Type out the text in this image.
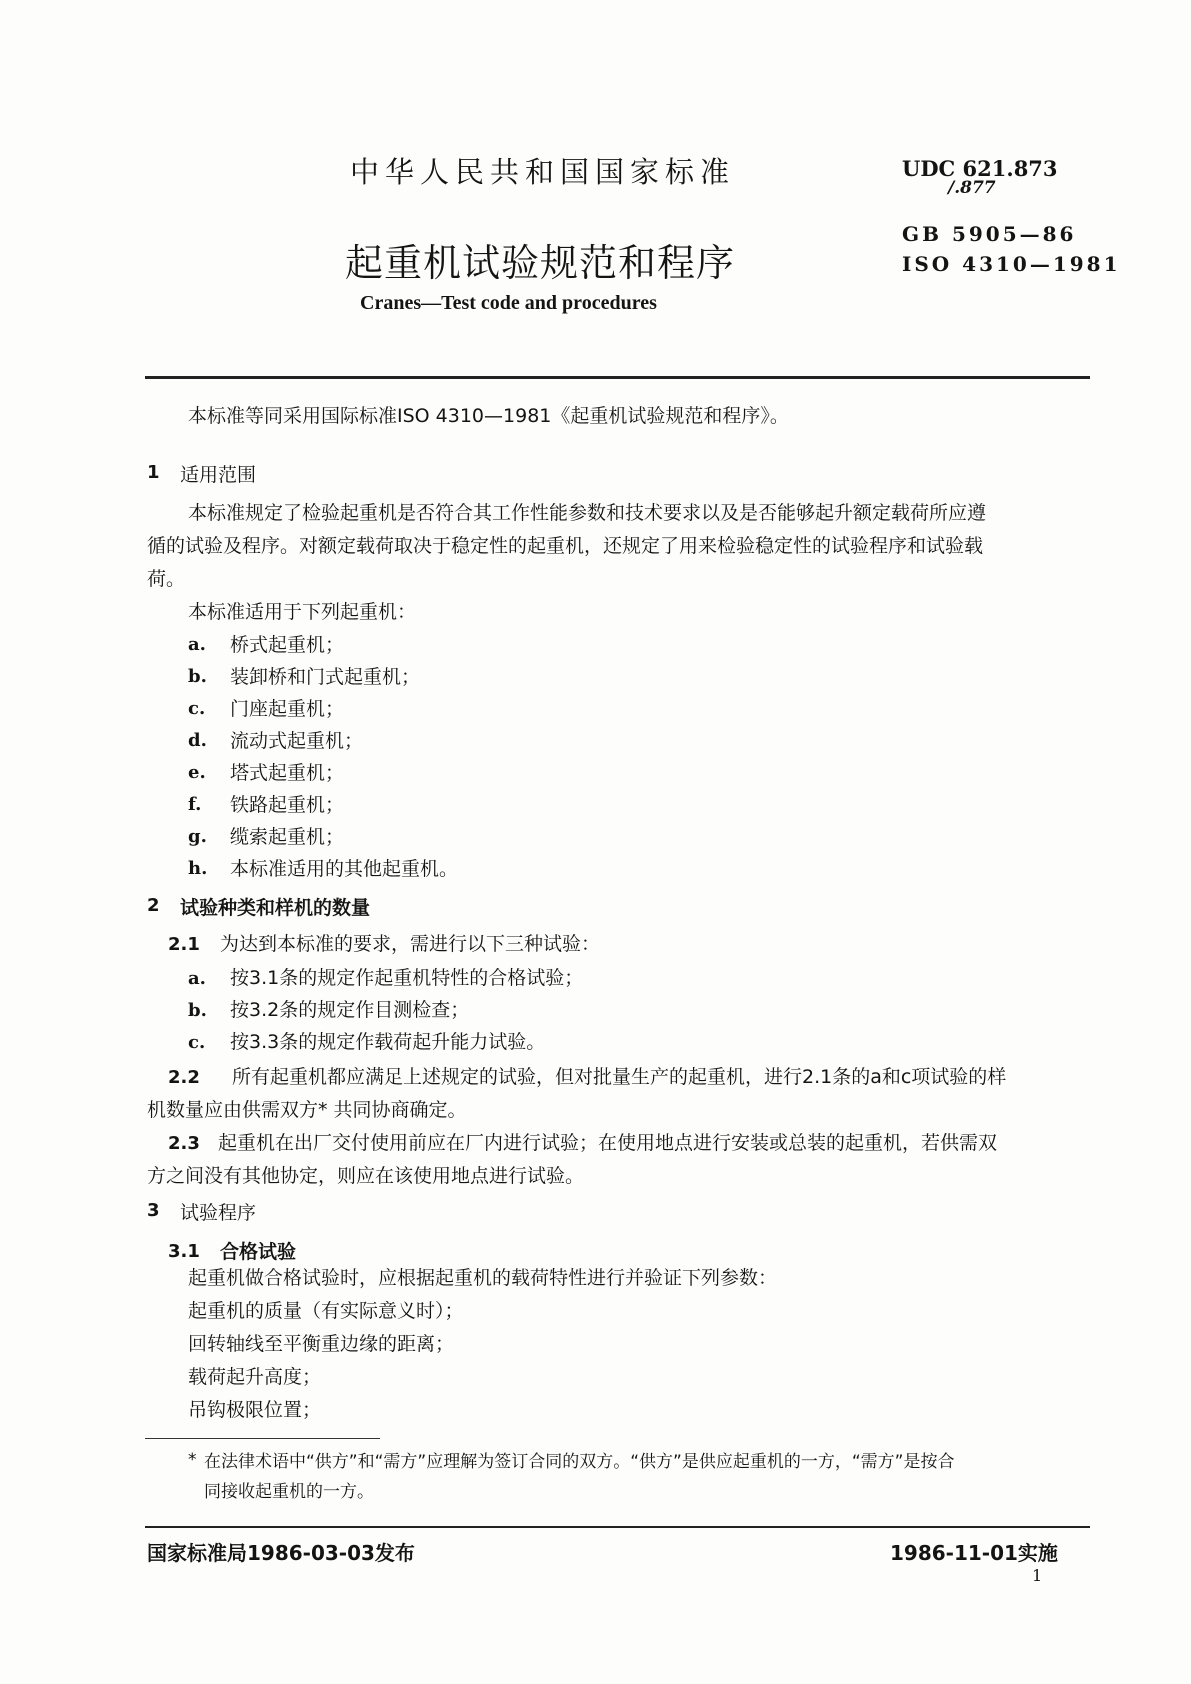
中华人民共和国国家标准	UDC 621.873
/.877
GB 5905—86
ISO 4310—1981
起重机试验规范和程序
Cranes—Test code and procedures
本标准等同采用国际标准ISO 4310—1981《起重机试验规范和程序》。
1 适用范围
本标准规定了检验起重机是否符合其工作性能参数和技术要求以及是否能够起升额定载荷所应遵
循的试验及程序。对额定载荷取决于稳定性的起重机，还规定了用来检验稳定性的试验程序和试验载
荷。
本标准适用于下列起重机：
a. 桥式起重机；
b. 装卸桥和门式起重机；
c. 门座起重机；
d. 流动式起重机；
e. 塔式起重机；
f. 铁路起重机；
g. 缆索起重机；
h. 本标准适用的其他起重机。
2 试验种类和样机的数量
2.1 为达到本标准的要求，需进行以下三种试验：
a. 按3.1条的规定作起重机特性的合格试验；
b. 按3.2条的规定作目测检查；
c. 按3.3条的规定作载荷起升能力试验。
2.2 所有起重机都应满足上述规定的试验，但对批量生产的起重机，进行2.1条的a和c项试验的样
机数量应由供需双方* 共同协商确定。
2.3 起重机在出厂交付使用前应在厂内进行试验；在使用地点进行安装或总装的起重机，若供需双
方之间没有其他协定，则应在该使用地点进行试验。
3 试验程序
3.1 合格试验
起重机做合格试验时，应根据起重机的载荷特性进行并验证下列参数：
起重机的质量（有实际意义时）；
回转轴线至平衡重边缘的距离；
载荷起升高度；
吊钩极限位置；
* 在法律术语中“供方”和“需方”应理解为签订合同的双方。“供方”是供应起重机的一方，“需方”是按合
同接收起重机的一方。
国家标准局1986-03-03发布	1986-11-01实施
1
